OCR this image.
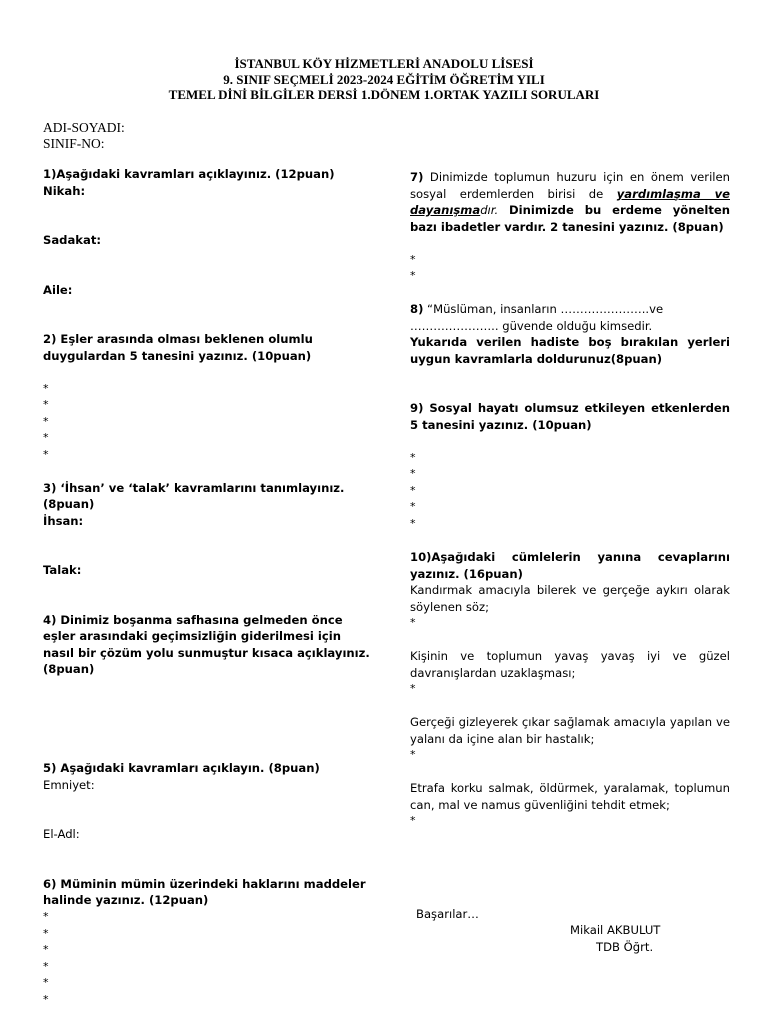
İSTANBUL KÖY HİZMETLERİ ANADOLU LİSESİ
9. SINIF SEÇMELİ 2023-2024 EĞİTİM ÖĞRETİM YILI
TEMEL DİNİ BİLGİLER DERSİ 1.DÖNEM 1.ORTAK YAZILI SORULARI
ADI-SOYADI:
SINIF-NO:
1)Aşağıdaki kavramları açıklayınız. (12puan)
Nikah:
Sadakat:
Aile:
2) Eşler arasında olması beklenen olumlu duygulardan 5 tanesini yazınız. (10puan)
*
*
*
*
*
3) ‘İhsan’ ve ‘talak’ kavramlarını tanımlayınız. (8puan)
İhsan:
Talak:
4) Dinimiz boşanma safhasına gelmeden önce eşler arasındaki geçimsizliğin giderilmesi için nasıl bir çözüm yolu sunmuştur kısaca açıklayınız. (8puan)
5) Aşağıdaki kavramları açıklayın. (8puan)
Emniyet:
El-Adl:
6) Müminin mümin üzerindeki haklarını maddeler halinde yazınız. (12puan)
*
*
*
*
*
*
7) Dinimizde toplumun huzuru için en önem verilen sosyal erdemlerden birisi de yardımlaşma ve dayanışmadır. Dinimizde bu erdeme yönelten bazı ibadetler vardır. 2 tanesini yazınız. (8puan)
*
*
8) “Müslüman, insanların …………………..ve ………………….. güvende olduğu kimsedir.
Yukarıda verilen hadiste boş bırakılan yerleri uygun kavramlarla doldurunuz(8puan)
9) Sosyal hayatı olumsuz etkileyen etkenlerden 5 tanesini yazınız. (10puan)
*
*
*
*
*
10)Aşağıdaki cümlelerin yanına cevaplarını yazınız. (16puan)
Kandırmak amacıyla bilerek ve gerçeğe aykırı olarak söylenen söz;
*
Kişinin ve toplumun yavaş yavaş iyi ve güzel davranışlardan uzaklaşması;
*
Gerçeği gizleyerek çıkar sağlamak amacıyla yapılan ve yalanı da içine alan bir hastalık;
*
Etrafa korku salmak, öldürmek, yaralamak, toplumun can, mal ve namus güvenliğini tehdit etmek;
*
Başarılar…
Mikail AKBULUT
TDB Öğrt.
